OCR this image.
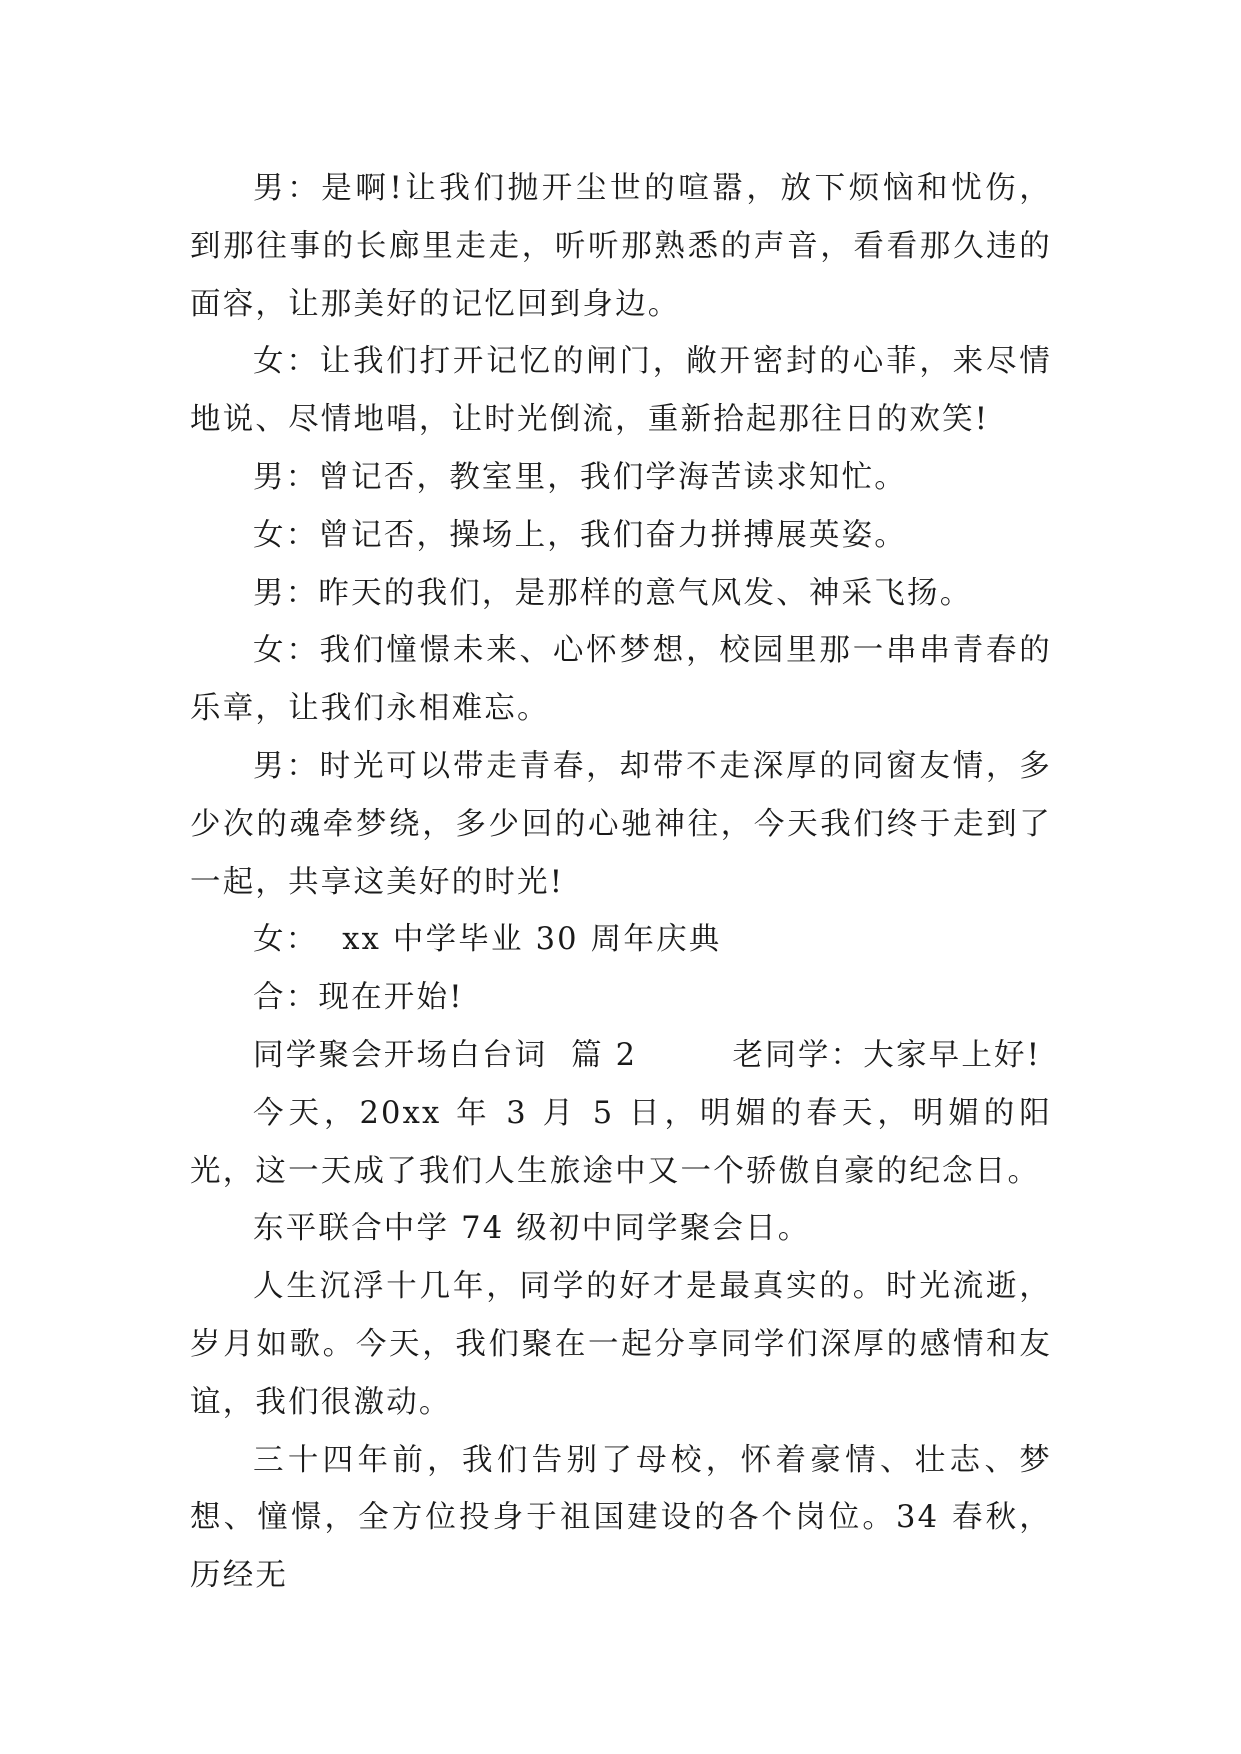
男：是啊!让我们抛开尘世的喧嚣，放下烦恼和忧伤，到那往事的长廊里走走，听听那熟悉的声音，看看那久违的面容，让那美好的记忆回到身边。

女：让我们打开记忆的闸门，敞开密封的心菲，来尽情地说、尽情地唱，让时光倒流，重新拾起那往日的欢笑!

男：曾记否，教室里，我们学海苦读求知忙。

女：曾记否，操场上，我们奋力拼搏展英姿。

男：昨天的我们，是那样的意气风发、神采飞扬。

女：我们憧憬未来、心怀梦想，校园里那一串串青春的乐章，让我们永相难忘。

男：时光可以带走青春，却带不走深厚的同窗友情，多少次的魂牵梦绕，多少回的心驰神往，今天我们终于走到了一起，共享这美好的时光!

女：  xx 中学毕业 30 周年庆典

合：现在开始!

同学聚会开场白台词  篇 2        老同学：大家早上好!

今天，20xx 年 3 月 5 日，明媚的春天，明媚的阳光，这一天成了我们人生旅途中又一个骄傲自豪的纪念日。

东平联合中学 74 级初中同学聚会日。

人生沉浮十几年，同学的好才是最真实的。时光流逝，岁月如歌。今天，我们聚在一起分享同学们深厚的感情和友谊，我们很激动。

三十四年前，我们告别了母校，怀着豪情、壮志、梦想、憧憬，全方位投身于祖国建设的各个岗位。34 春秋，历经无
